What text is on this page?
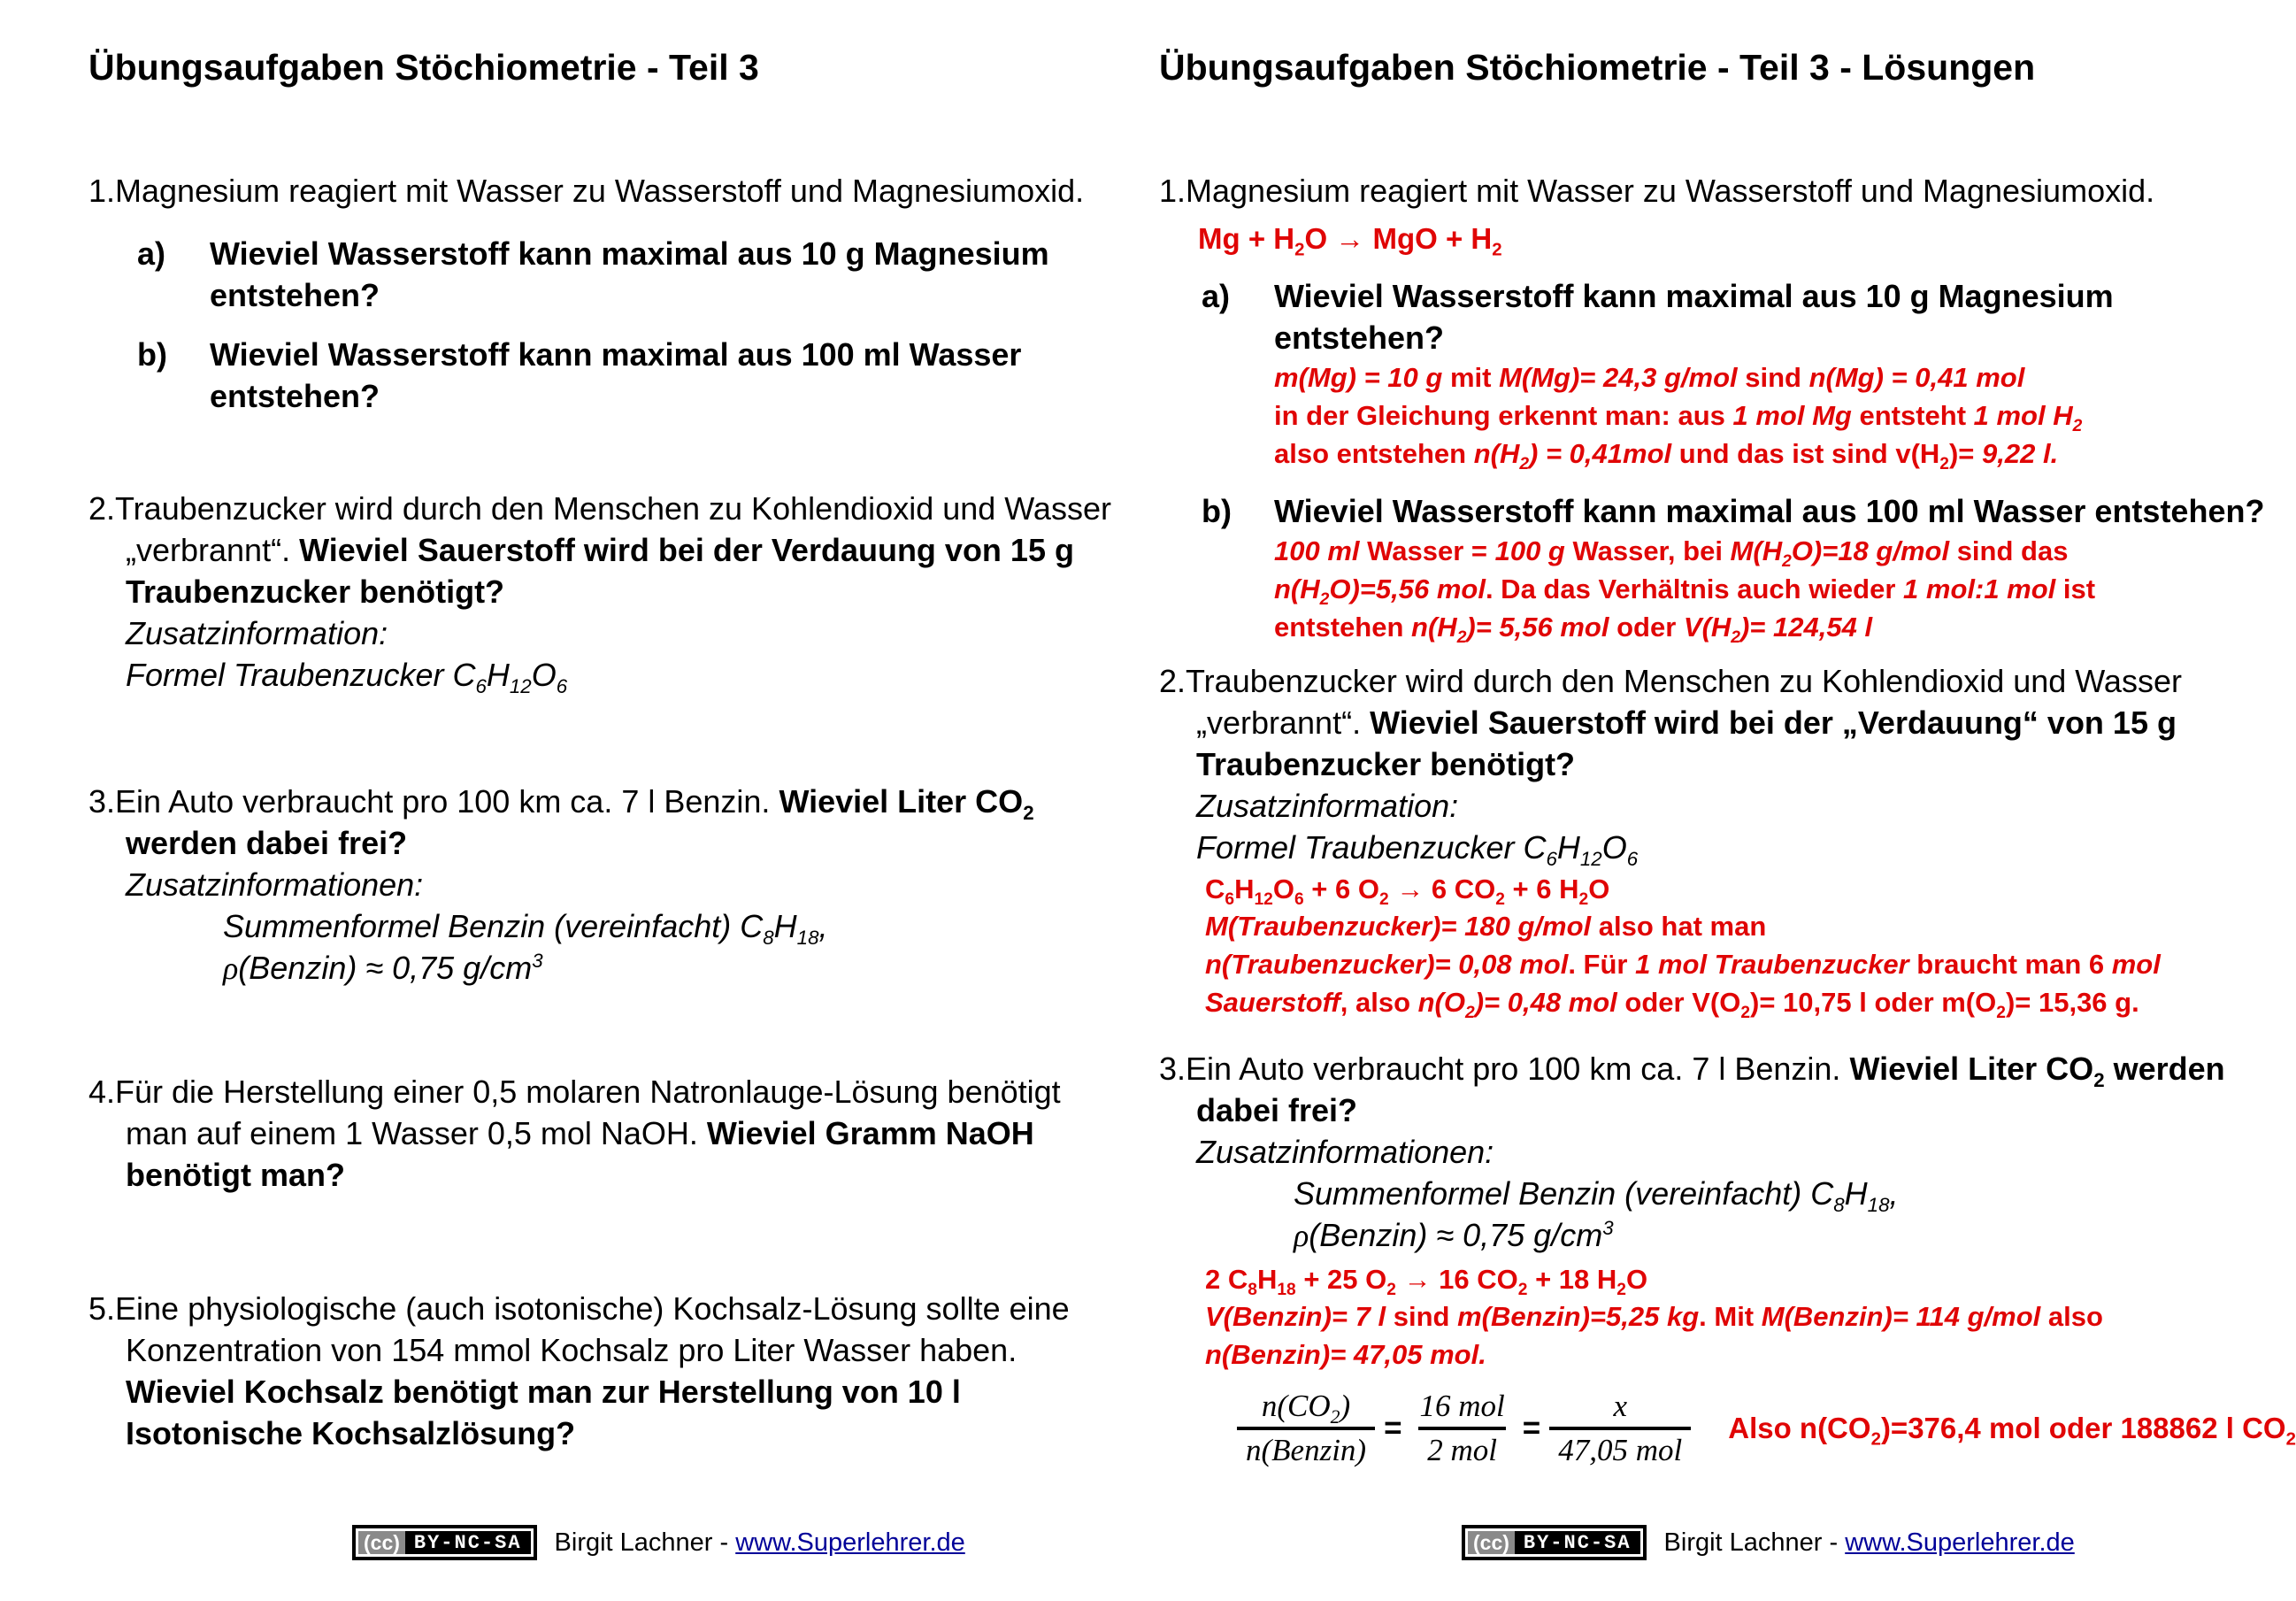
Übungsaufgaben Stöchiometrie - Teil 3
1.Magnesium reagiert mit Wasser zu Wasserstoff und Magnesiumoxid.
a)	Wieviel Wasserstoff kann maximal aus 10 g Magnesium entstehen?
b)	Wieviel Wasserstoff kann maximal aus 100 ml Wasser entstehen?
2.Traubenzucker wird durch den Menschen zu Kohlendioxid und Wasser „verbrannt“. Wieviel Sauerstoff wird bei der Verdauung von 15 g Traubenzucker benötigt?
Zusatzinformation:
Formel Traubenzucker $C_6H_{12}O_6$
3.Ein Auto verbraucht pro 100 km ca. 7 l Benzin. Wieviel Liter $CO_2$ werden dabei frei?
Zusatzinformationen:
Summenformel Benzin (vereinfacht) $C_8H_{18}$,
ρ(Benzin) ≈ 0,75 $g/cm^3$
4.Für die Herstellung einer 0,5 molaren Natronlauge-Lösung benötigt man auf einem 1 Wasser 0,5 mol NaOH. Wieviel Gramm NaOH benötigt man?
5.Eine physiologische (auch isotonische) Kochsalz-Lösung sollte eine Konzentration von 154 mmol Kochsalz pro Liter Wasser haben. Wieviel Kochsalz benötigt man zur Herstellung von 10 l Isotonische Kochsalzlösung?
Übungsaufgaben Stöchiometrie - Teil 3 - Lösungen
1.Magnesium reagiert mit Wasser zu Wasserstoff und Magnesiumoxid.
$Mg + H_2O$ → MgO + $H_2$
a)	Wieviel Wasserstoff kann maximal aus 10 g Magnesium entstehen?
m(Mg) = 10 g mit M(Mg)= 24,3 g/mol sind n(Mg) = 0,41 mol
in der Gleichung erkennt man: aus 1 mol Mg entsteht 1 mol $H_2$
also entstehen $n(H_2) = 0,41mol$ und das ist sind $v(H_2)= 9,22$ l.
b)	Wieviel Wasserstoff kann maximal aus 100 ml Wasser entstehen?
100 ml Wasser = 100 g Wasser, bei $M(H_2O)=18$ g/mol sind das
$n(H_2O)=5,56$ mol. Da das Verhältnis auch wieder 1 mol:1 mol ist
entstehen $n(H_2)= 5,56$ mol oder $V(H_2)= 124,54$ l
2.Traubenzucker wird durch den Menschen zu Kohlendioxid und Wasser „verbrannt“. Wieviel Sauerstoff wird bei der „Verdauung“ von 15 g Traubenzucker benötigt?
Zusatzinformation:
Formel Traubenzucker $C_6H_{12}O_6$
$C_6H_{12}O_6 + 6$ $O_2 \to 6$ $CO_2 + 6$ $H_2O$
M(Traubenzucker)= 180 g/mol also hat man
n(Traubenzucker)= 0,08 mol. Für 1 mol Traubenzucker braucht man 6 mol
Sauerstoff, also $n(O_2)= 0,48$ mol oder $V(O_2)= 10,75$ l oder $m(O_2)= 15,36$ g.
3.Ein Auto verbraucht pro 100 km ca. 7 l Benzin. Wieviel Liter $CO_2$ werden dabei frei?
Zusatzinformationen:
Summenformel Benzin (vereinfacht) $C_8H_{18}$,
ρ(Benzin) ≈ 0,75 $g/cm^3$
2 $C_8H_{18} + 25$ $O_2 \to 16$ $CO_2 + 18$ $H_2O$
V(Benzin)= 7 l sind m(Benzin)=5,25 kg. Mit M(Benzin)= 114 g/mol also
n(Benzin)= 47,05 mol.
$\frac{n(CO_2)}{\text{n(Benzin)}} = \frac{\text{16 mol}}{\text{2 mol}} = \frac{x}{\text{47,05 mol}}$ Also $n(CO_2)=376,4$ mol oder 188862 l $CO_2$
(cc) BY-NC-SA	Birgit Lachner - www.Superlehrer.de	(cc) BY-NC-SA	Birgit Lachner - www.Superlehrer.de
